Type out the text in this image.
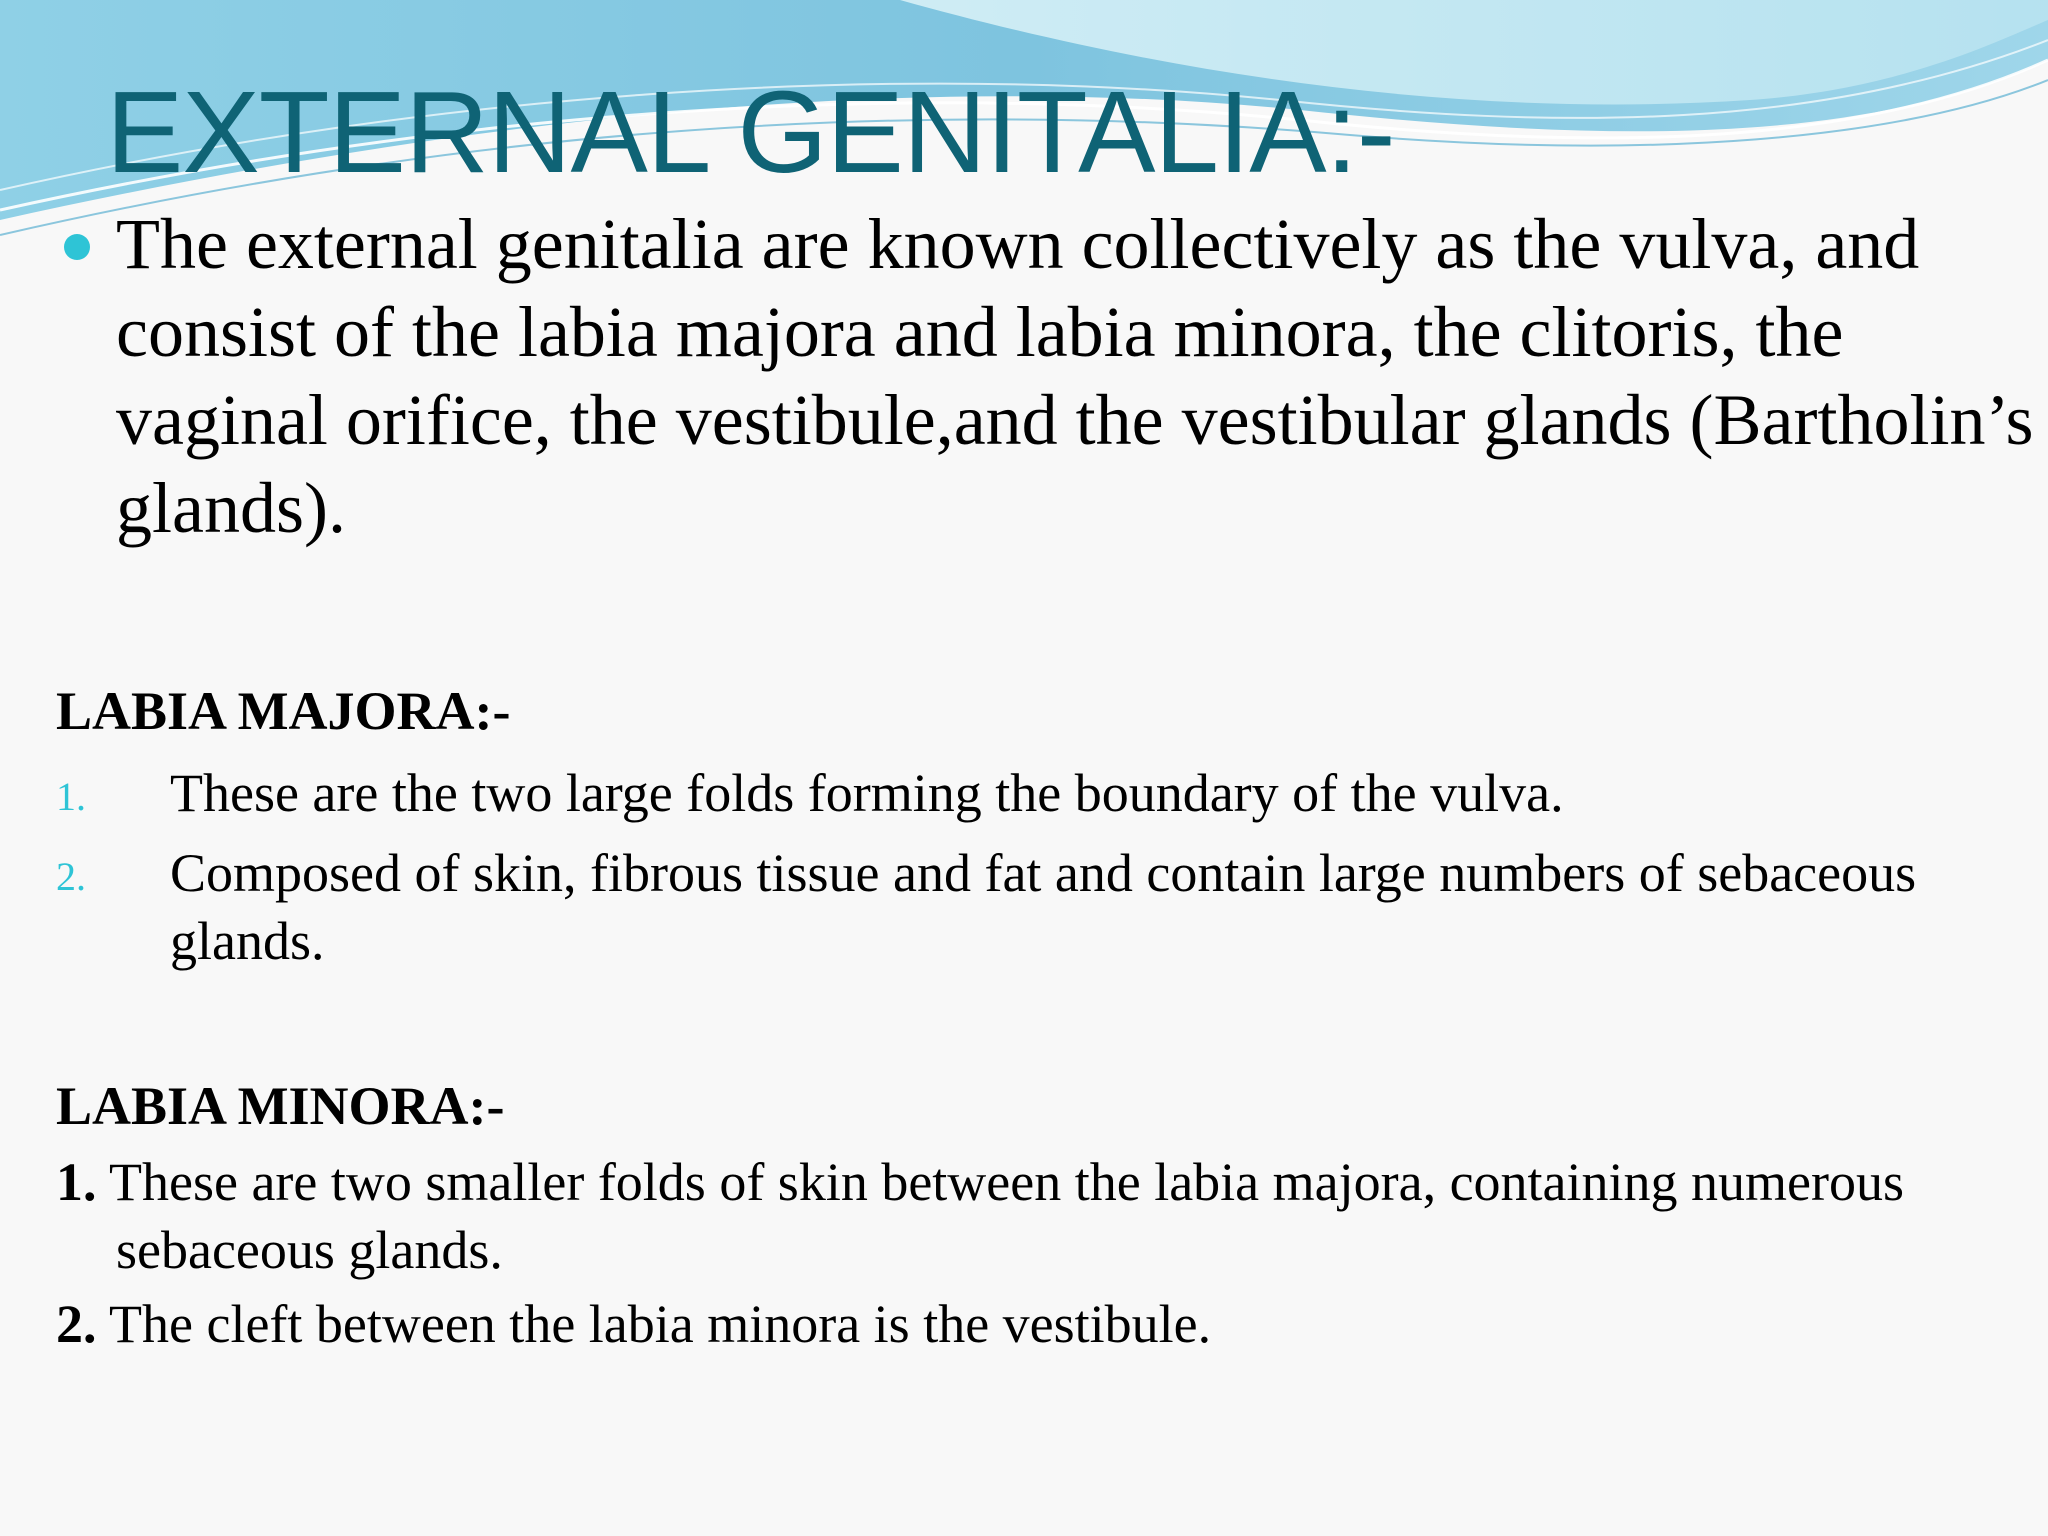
EXTERNAL GENITALIA:-

The external genitalia are known collectively as the vulva, and consist of the labia majora and labia minora, the clitoris, the vaginal orifice, the vestibule,and the vestibular glands (Bartholin’s glands).

LABIA MAJORA:-
1. These are the two large folds forming the boundary of the vulva.
2. Composed of skin, fibrous tissue and fat and contain large numbers of sebaceous glands.
LABIA MINORA:-

1. These are two smaller folds of skin between the labia majora, containing numerous sebaceous glands.

2. The cleft between the labia minora is the vestibule.
